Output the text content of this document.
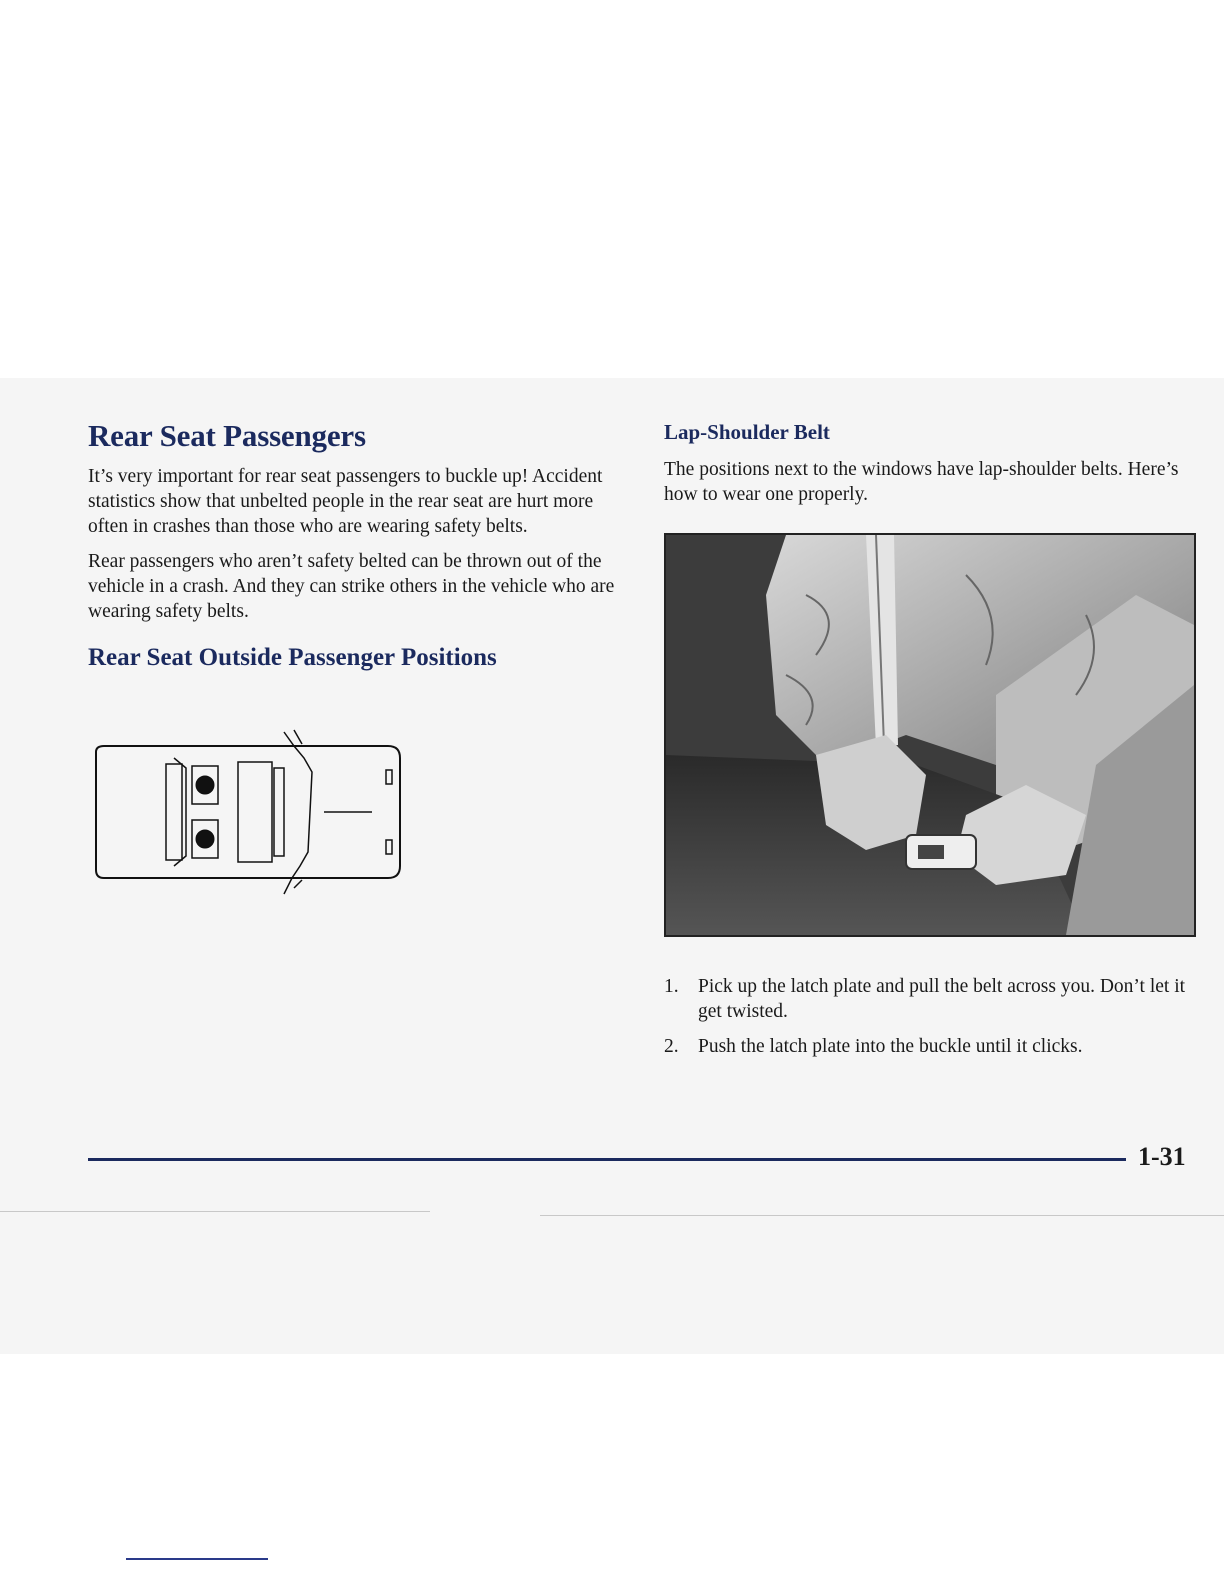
Rear Seat Passengers

It’s very important for rear seat passengers to buckle up! Accident statistics show that unbelted people in the rear seat are hurt more often in crashes than those who are wearing safety belts.

Rear passengers who aren’t safety belted can be thrown out of the vehicle in a crash. And they can strike others in the vehicle who are wearing safety belts.

Rear Seat Outside Passenger Positions
Lap-Shoulder Belt

The positions next to the windows have lap-shoulder belts. Here’s how to wear one properly.

1. Pick up the latch plate and pull the belt across you. Don’t let it get twisted.
2. Push the latch plate into the buckle until it clicks.
1-31
